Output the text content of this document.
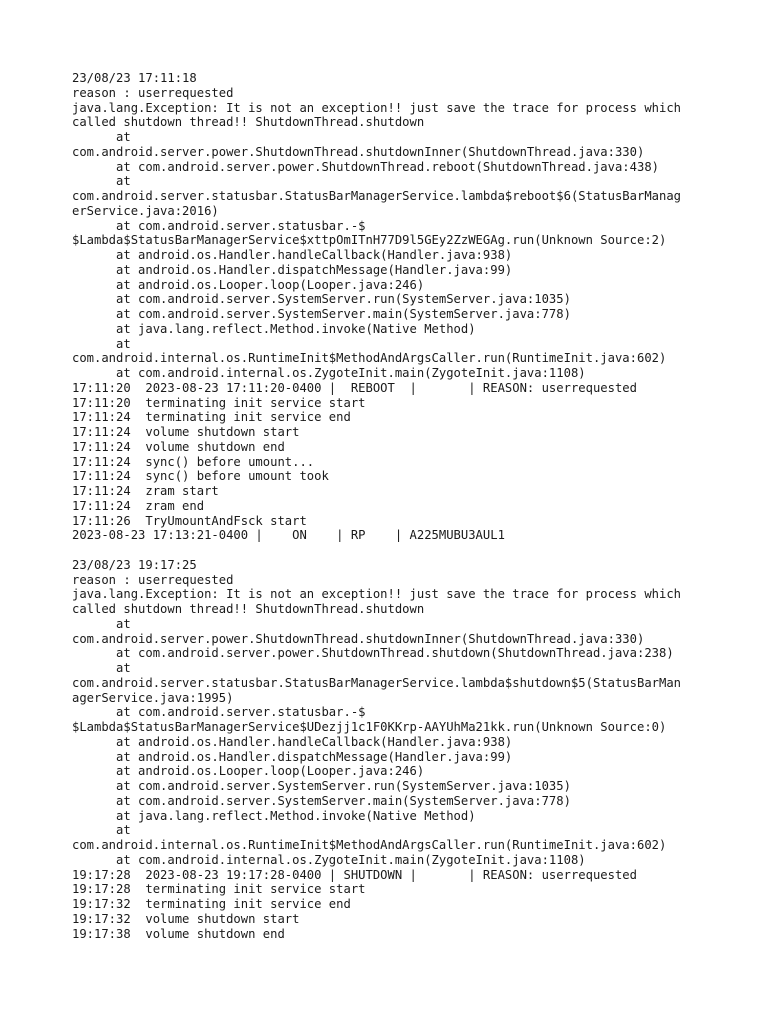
23/08/23 17:11:18
reason : userrequested
java.lang.Exception: It is not an exception!! just save the trace for process which
called shutdown thread!! ShutdownThread.shutdown
at
com.android.server.power.ShutdownThread.shutdownInner(ShutdownThread.java:330)
at com.android.server.power.ShutdownThread.reboot(ShutdownThread.java:438)
at
com.android.server.statusbar.StatusBarManagerService.lambda$reboot$6(StatusBarManag
erService.java:2016)
at com.android.server.statusbar.-$
$Lambda$StatusBarManagerService$xttpOmITnH77D9l5GEy2ZzWEGAg.run(Unknown Source:2)
at android.os.Handler.handleCallback(Handler.java:938)
at android.os.Handler.dispatchMessage(Handler.java:99)
at android.os.Looper.loop(Looper.java:246)
at com.android.server.SystemServer.run(SystemServer.java:1035)
at com.android.server.SystemServer.main(SystemServer.java:778)
at java.lang.reflect.Method.invoke(Native Method)
at
com.android.internal.os.RuntimeInit$MethodAndArgsCaller.run(RuntimeInit.java:602)
at com.android.internal.os.ZygoteInit.main(ZygoteInit.java:1108)
17:11:20  2023-08-23 17:11:20-0400 |  REBOOT  |       | REASON: userrequested
17:11:20  terminating init service start
17:11:24  terminating init service end
17:11:24  volume shutdown start
17:11:24  volume shutdown end
17:11:24  sync() before umount...
17:11:24  sync() before umount took
17:11:24  zram start
17:11:24  zram end
17:11:26  TryUmountAndFsck start
2023-08-23 17:13:21-0400 |    ON    | RP    | A225MUBU3AUL1
23/08/23 19:17:25
reason : userrequested
java.lang.Exception: It is not an exception!! just save the trace for process which
called shutdown thread!! ShutdownThread.shutdown
at
com.android.server.power.ShutdownThread.shutdownInner(ShutdownThread.java:330)
at com.android.server.power.ShutdownThread.shutdown(ShutdownThread.java:238)
at
com.android.server.statusbar.StatusBarManagerService.lambda$shutdown$5(StatusBarMan
agerService.java:1995)
at com.android.server.statusbar.-$
$Lambda$StatusBarManagerService$UDezjj1c1F0KKrp-AAYUhMa21kk.run(Unknown Source:0)
at android.os.Handler.handleCallback(Handler.java:938)
at android.os.Handler.dispatchMessage(Handler.java:99)
at android.os.Looper.loop(Looper.java:246)
at com.android.server.SystemServer.run(SystemServer.java:1035)
at com.android.server.SystemServer.main(SystemServer.java:778)
at java.lang.reflect.Method.invoke(Native Method)
at
com.android.internal.os.RuntimeInit$MethodAndArgsCaller.run(RuntimeInit.java:602)
at com.android.internal.os.ZygoteInit.main(ZygoteInit.java:1108)
19:17:28  2023-08-23 19:17:28-0400 | SHUTDOWN |       | REASON: userrequested
19:17:28  terminating init service start
19:17:32  terminating init service end
19:17:32  volume shutdown start
19:17:38  volume shutdown end
